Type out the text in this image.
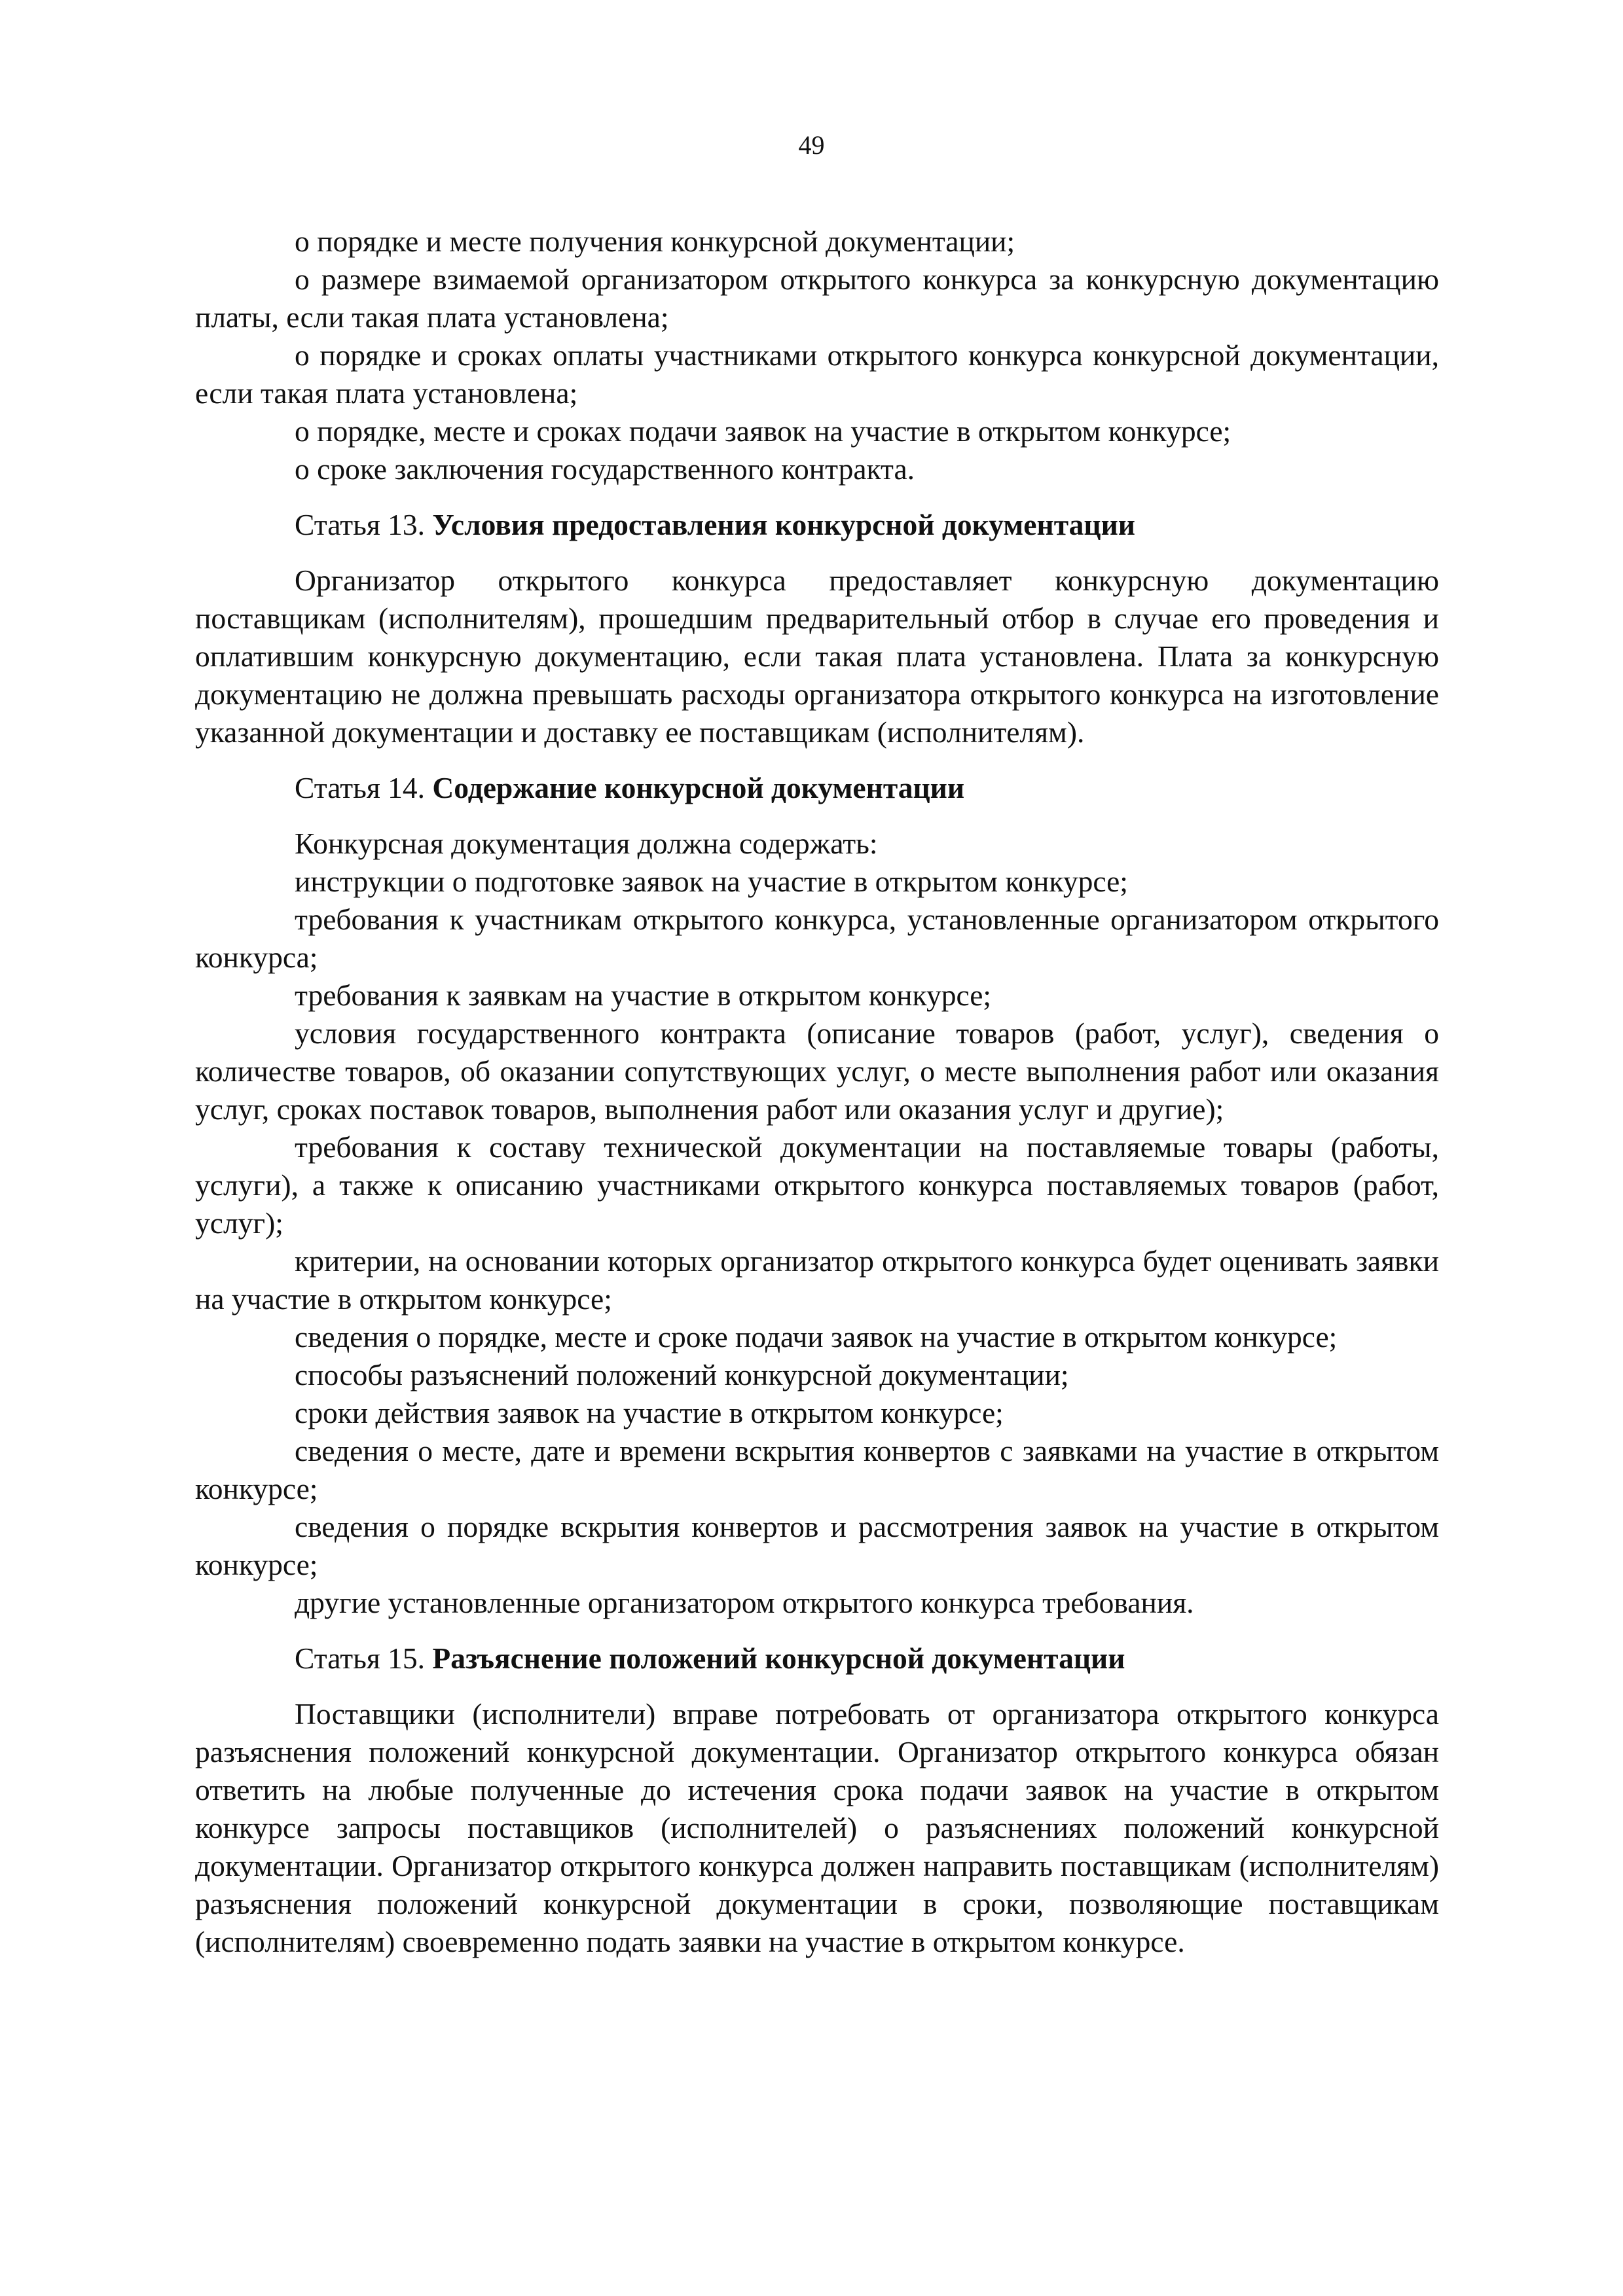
49

о порядке и месте получения конкурсной документации;

о размере взимаемой организатором открытого конкурса за конкурсную документацию платы, если такая плата установлена;

о порядке и сроках оплаты участниками открытого конкурса конкурсной документации, если такая плата установлена;

о порядке, месте и сроках подачи заявок на участие в открытом конкурсе;

о сроке заключения государственного контракта.

Статья 13. Условия предоставления конкурсной документации

Организатор открытого конкурса предоставляет конкурсную документацию поставщикам (исполнителям), прошедшим предварительный отбор в случае его проведения и оплатившим конкурсную документацию, если такая плата установлена. Плата за конкурсную документацию не должна превышать расходы организатора открытого конкурса на изготовление указанной документации и доставку ее поставщикам (исполнителям).

Статья 14. Содержание конкурсной документации

Конкурсная документация должна содержать:

инструкции о подготовке заявок на участие в открытом конкурсе;

требования к участникам открытого конкурса, установленные организатором открытого конкурса;

требования к заявкам на участие в открытом конкурсе;

условия государственного контракта (описание товаров (работ, услуг), сведения о количестве товаров, об оказании сопутствующих услуг, о месте выполнения работ или оказания услуг, сроках поставок товаров, выполнения работ или оказания услуг и другие);

требования к составу технической документации на поставляемые товары (работы, услуги), а также к описанию участниками открытого конкурса поставляемых товаров (работ, услуг);

критерии, на основании которых организатор открытого конкурса будет оценивать заявки на участие в открытом конкурсе;

сведения о порядке, месте и сроке подачи заявок на участие в открытом конкурсе;

способы разъяснений положений конкурсной документации;

сроки действия заявок на участие в открытом конкурсе;

сведения о месте, дате и времени вскрытия конвертов с заявками на участие в открытом конкурсе;

сведения о порядке вскрытия конвертов и рассмотрения заявок на участие в открытом конкурсе;

другие установленные организатором открытого конкурса требования.

Статья 15. Разъяснение положений конкурсной документации

Поставщики (исполнители) вправе потребовать от организатора открытого конкурса разъяснения положений конкурсной документации. Организатор открытого конкурса обязан ответить на любые полученные до истечения срока подачи заявок на участие в открытом конкурсе запросы поставщиков (исполнителей) о разъяснениях положений конкурсной документации. Организатор открытого конкурса должен направить поставщикам (исполнителям) разъяснения положений конкурсной документации в сроки, позволяющие поставщикам (исполнителям) своевременно подать заявки на участие в открытом конкурсе.
